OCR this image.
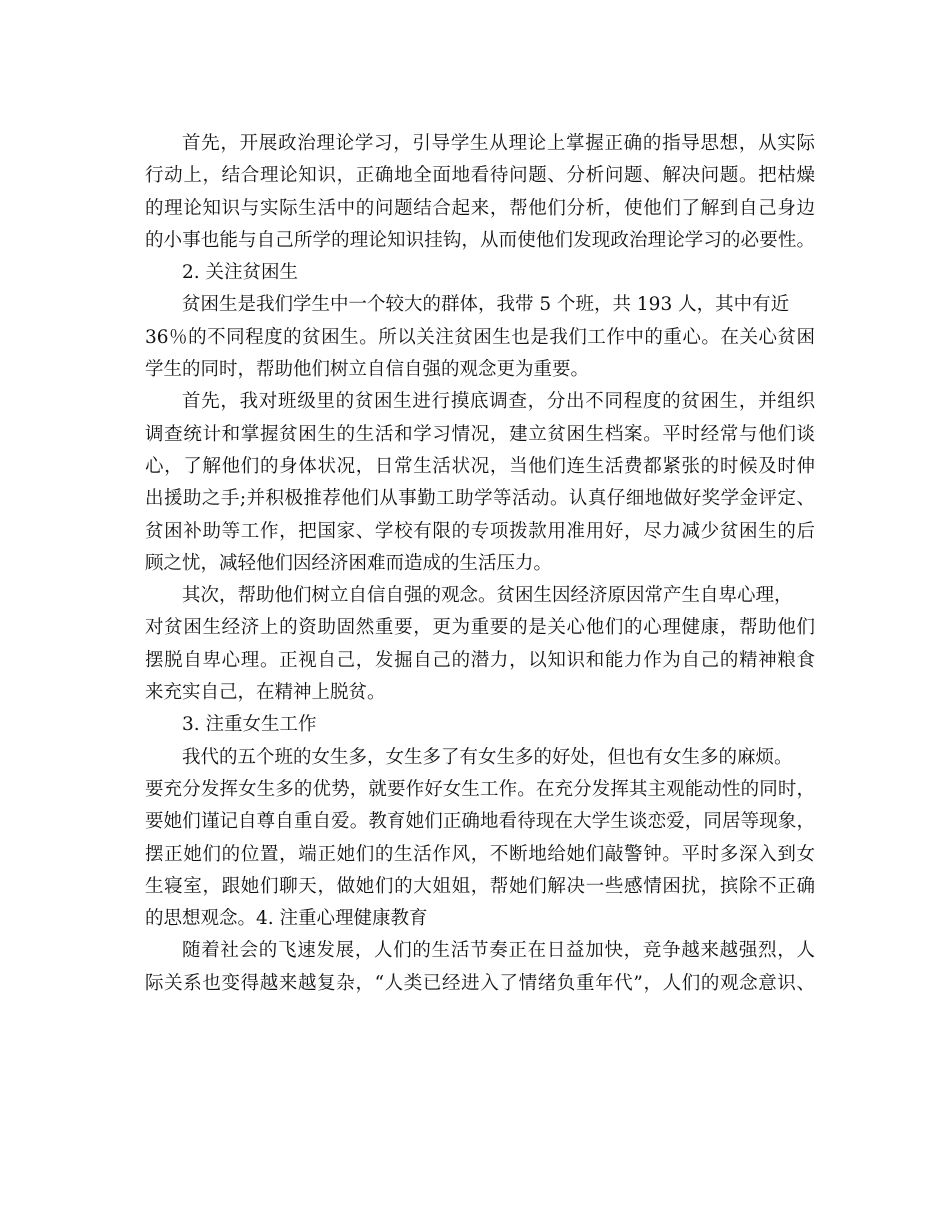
首先，开展政治理论学习，引导学生从理论上掌握正确的指导思想，从实际
行动上，结合理论知识，正确地全面地看待问题、分析问题、解决问题。把枯燥
的理论知识与实际生活中的问题结合起来，帮他们分析，使他们了解到自己身边
的小事也能与自己所学的理论知识挂钩，从而使他们发现政治理论学习的必要性。
2. 关注贫困生
贫困生是我们学生中一个较大的群体，我带 5 个班，共 193 人，其中有近
36％的不同程度的贫困生。所以关注贫困生也是我们工作中的重心。在关心贫困
学生的同时，帮助他们树立自信自强的观念更为重要。
首先，我对班级里的贫困生进行摸底调查，分出不同程度的贫困生，并组织
调查统计和掌握贫困生的生活和学习情况，建立贫困生档案。平时经常与他们谈
心，了解他们的身体状况，日常生活状况，当他们连生活费都紧张的时候及时伸
出援助之手;并积极推荐他们从事勤工助学等活动。认真仔细地做好奖学金评定、
贫困补助等工作，把国家、学校有限的专项拨款用准用好，尽力减少贫困生的后
顾之忧，减轻他们因经济困难而造成的生活压力。
其次，帮助他们树立自信自强的观念。贫困生因经济原因常产生自卑心理，
对贫困生经济上的资助固然重要，更为重要的是关心他们的心理健康，帮助他们
摆脱自卑心理。正视自己，发掘自己的潜力，以知识和能力作为自己的精神粮食
来充实自己，在精神上脱贫。
3. 注重女生工作
我代的五个班的女生多，女生多了有女生多的好处，但也有女生多的麻烦。
要充分发挥女生多的优势，就要作好女生工作。在充分发挥其主观能动性的同时，
要她们谨记自尊自重自爱。教育她们正确地看待现在大学生谈恋爱，同居等现象，
摆正她们的位置，端正她们的生活作风，不断地给她们敲警钟。平时多深入到女
生寝室，跟她们聊天，做她们的大姐姐，帮她们解决一些感情困扰，摈除不正确
的思想观念。4. 注重心理健康教育
随着社会的飞速发展，人们的生活节奏正在日益加快，竞争越来越强烈，人
际关系也变得越来越复杂，“人类已经进入了情绪负重年代”，人们的观念意识、
